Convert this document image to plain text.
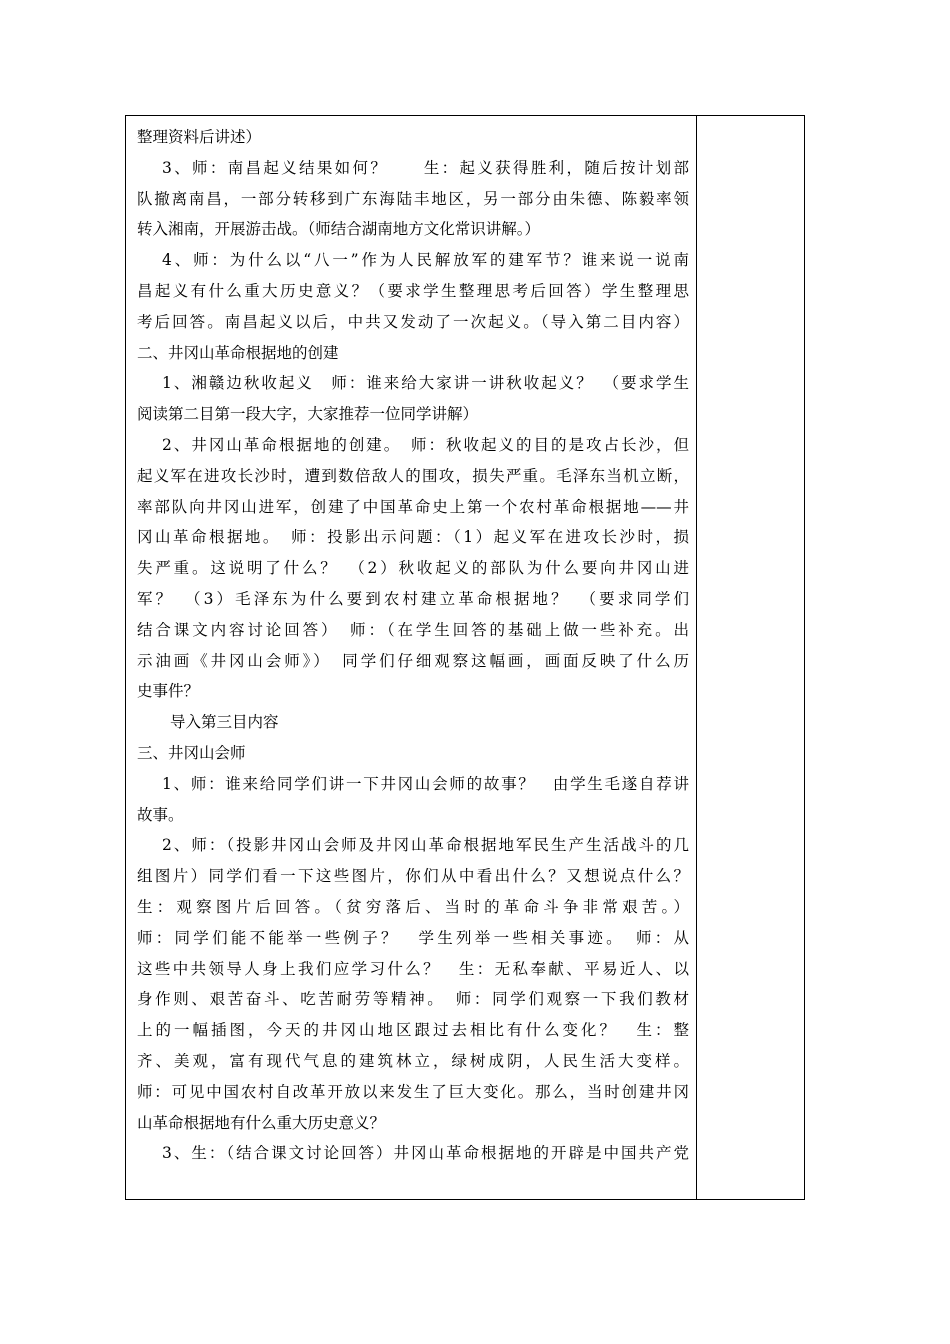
整理资料后讲述）
3、师：南昌起义结果如何？　　生：起义获得胜利，随后按计划部
队撤离南昌，一部分转移到广东海陆丰地区，另一部分由朱德、陈毅率领
转入湘南，开展游击战。（师结合湖南地方文化常识讲解。）
4、师：为什么以“八一”作为人民解放军的建军节？谁来说一说南
昌起义有什么重大历史意义？（要求学生整理思考后回答）学生整理思
考后回答。南昌起义以后，中共又发动了一次起义。（导入第二目内容）
二、井冈山革命根据地的创建
1、湘赣边秋收起义　师：谁来给大家讲一讲秋收起义？　（要求学生
阅读第二目第一段大字，大家推荐一位同学讲解）
2、井冈山革命根据地的创建。　师：秋收起义的目的是攻占长沙，但
起义军在进攻长沙时，遭到数倍敌人的围攻，损失严重。毛泽东当机立断，
率部队向井冈山进军，创建了中国革命史上第一个农村革命根据地——井
冈山革命根据地。　师：投影出示问题：（1）起义军在进攻长沙时，损
失严重。这说明了什么？　（2）秋收起义的部队为什么要向井冈山进
军？　（3）毛泽东为什么要到农村建立革命根据地？　（要求同学们
结合课文内容讨论回答）　师：（在学生回答的基础上做一些补充。出
示油画《井冈山会师》）　同学们仔细观察这幅画，画面反映了什么历
史事件？
导入第三目内容
三、井冈山会师
1、师：谁来给同学们讲一下井冈山会师的故事？　由学生毛遂自荐讲
故事。
2、师：（投影井冈山会师及井冈山革命根据地军民生产生活战斗的几
组图片）同学们看一下这些图片，你们从中看出什么？又想说点什么？
生：观察图片后回答。（贫穷落后、当时的革命斗争非常艰苦。）
师：同学们能不能举一些例子？　学生列举一些相关事迹。　师：从
这些中共领导人身上我们应学习什么？　生：无私奉献、平易近人、以
身作则、艰苦奋斗、吃苦耐劳等精神。　师：同学们观察一下我们教材
上的一幅插图，今天的井冈山地区跟过去相比有什么变化？　生：整
齐、美观，富有现代气息的建筑林立，绿树成阴，人民生活大变样。
师：可见中国农村自改革开放以来发生了巨大变化。那么，当时创建井冈
山革命根据地有什么重大历史意义？
3、生：（结合课文讨论回答）井冈山革命根据地的开辟是中国共产党
